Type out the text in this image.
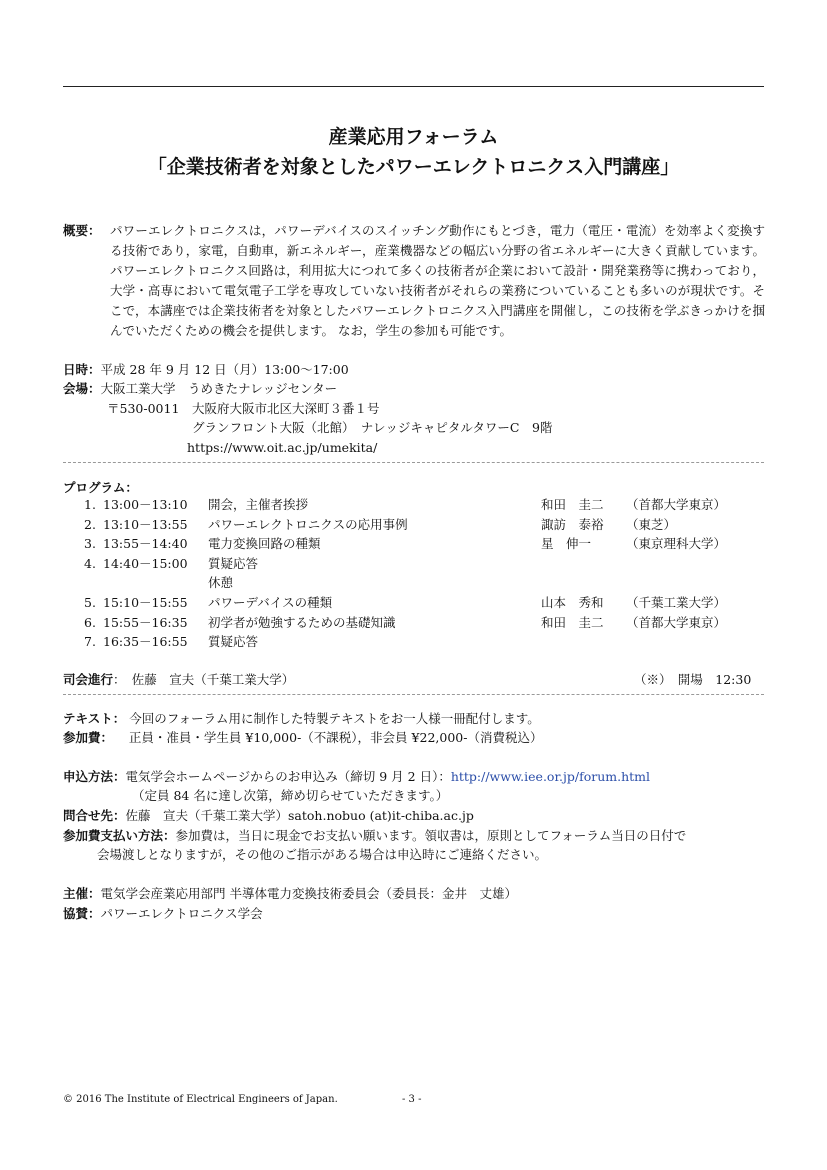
産業応用フォーラム
「企業技術者を対象としたパワーエレクトロニクス入門講座」
概要： パワーエレクトロニクスは，パワーデバイスのスイッチング動作にもとづき，電力（電圧・電流）を効率よく変換する技術であり，家電，自動車，新エネルギー，産業機器などの幅広い分野の省エネルギーに大きく貢献しています。パワーエレクトロニクス回路は，利用拡大につれて多くの技術者が企業において設計・開発業務等に携わっており，大学・高専において電気電子工学を専攻していない技術者がそれらの業務についていることも多いのが現状です。そこで，本講座では企業技術者を対象としたパワーエレクトロニクス入門講座を開催し，この技術を学ぶきっかけを掴んでいただくための機会を提供します。 なお，学生の参加も可能です。
日時：平成 28 年 9 月 12 日（月）13:00～17:00
会場：大阪工業大学　うめきたナレッジセンター
〒530-0011 大阪府大阪市北区大深町３番１号
グランフロント大阪（北館）　ナレッジキャピタルタワーC　9階
https://www.oit.ac.jp/umekita/
プログラム：
1. 13:00－13:10 開会，主催者挨拶	和田　圭二 （首都大学東京）
2. 13:10－13:55 パワーエレクトロニクスの応用事例	諏訪　泰裕 （東芝）
3. 13:55－14:40 電力変換回路の種類	星　伸一	（東京理科大学）
4. 14:40－15:00 質疑応答
休憩
5. 15:10－15:55 パワーデバイスの種類	山本　秀和 （千葉工業大学）
6. 15:55－16:35 初学者が勉強するための基礎知識	和田　圭二 （首都大学東京）
7. 16:35－16:55 質疑応答
司会進行：　 佐藤　宣夫（千葉工業大学）	（※）　開場　12:30
テキスト： 今回のフォーラム用に制作した特製テキストをお一人様一冊配付します。
参加費： 正員・准員・学生員 ¥10,000-（不課税），非会員 ¥22,000-（消費税込）
申込方法：電気学会ホームページからのお申込み（締切 9 月 2 日）：http://www.iee.or.jp/forum.html
（定員 84 名に達し次第，締め切らせていただきます。）
問合せ先：佐藤　宣夫（千葉工業大学）satoh.nobuo (at)it-chiba.ac.jp
参加費支払い方法：参加費は，当日に現金でお支払い願います。領収書は，原則としてフォーラム当日の日付で
会場渡しとなりますが，その他のご指示がある場合は申込時にご連絡ください。
主催：電気学会産業応用部門 半導体電力変換技術委員会（委員長：金井　丈雄）
協賛：パワーエレクトロニクス学会
© 2016 The Institute of Electrical Engineers of Japan.	- 3 -
